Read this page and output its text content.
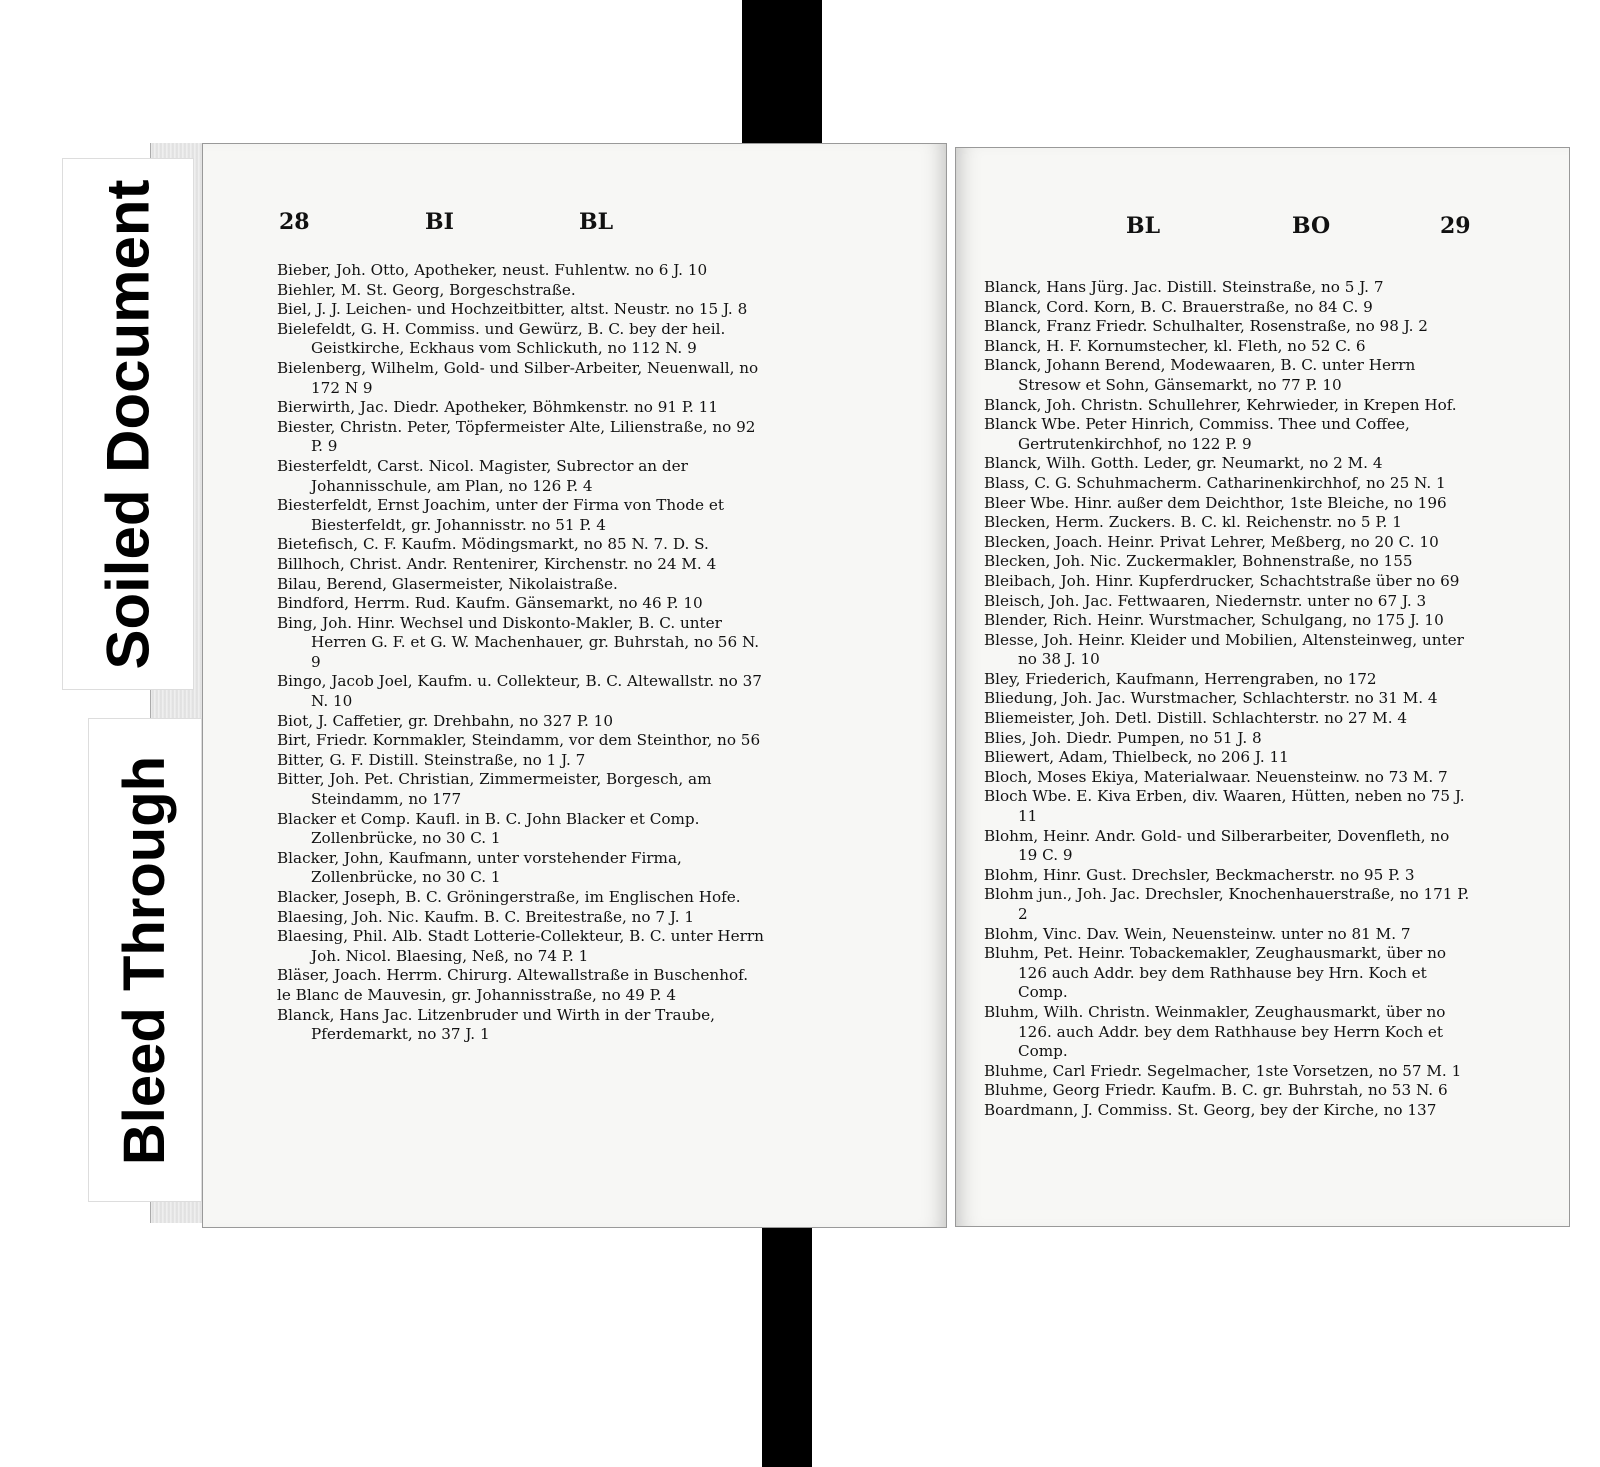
28	BI	BL

Bieber, Joh. Otto, Apotheker, neust. Fuhlentw. no 6 J. 10

Biehler, M. St. Georg, Borgeschstraße.

Biel, J. J. Leichen- und Hochzeitbitter, altst. Neustr. no 15 J. 8

Bielefeldt, G. H. Commiss. und Gewürz, B. C. bey der heil. Geistkirche, Eckhaus vom Schlickuth, no 112 N. 9

Bielenberg, Wilhelm, Gold- und Silber-Arbeiter, Neuenwall, no 172 N 9

Bierwirth, Jac. Diedr. Apotheker, Böhmkenstr. no 91 P. 11

Biester, Christn. Peter, Töpfermeister Alte, Lilienstraße, no 92 P. 9

Biesterfeldt, Carst. Nicol. Magister, Subrector an der Johannisschule, am Plan, no 126 P. 4

Biesterfeldt, Ernst Joachim, unter der Firma von Thode et Biesterfeldt, gr. Johannisstr. no 51 P. 4

Bietefisch, C. F. Kaufm. Mödingsmarkt, no 85 N. 7. D. S.

Billhoch, Christ. Andr. Rentenirer, Kirchenstr. no 24 M. 4

Bilau, Berend, Glasermeister, Nikolaistraße.

Bindford, Herrm. Rud. Kaufm. Gänsemarkt, no 46 P. 10

Bing, Joh. Hinr. Wechsel und Diskonto-Makler, B. C. unter Herren G. F. et G. W. Machenhauer, gr. Buhrstah, no 56 N. 9

Bingo, Jacob Joel, Kaufm. u. Collekteur, B. C. Altewallstr. no 37 N. 10

Biot, J. Caffetier, gr. Drehbahn, no 327 P. 10

Birt, Friedr. Kornmakler, Steindamm, vor dem Steinthor, no 56

Bitter, G. F. Distill. Steinstraße, no 1 J. 7

Bitter, Joh. Pet. Christian, Zimmermeister, Borgesch, am Steindamm, no 177

Blacker et Comp. Kaufl. in B. C. John Blacker et Comp. Zollenbrücke, no 30 C. 1

Blacker, John, Kaufmann, unter vorstehender Firma, Zollenbrücke, no 30 C. 1

Blacker, Joseph, B. C. Gröningerstraße, im Englischen Hofe.

Blaesing, Joh. Nic. Kaufm. B. C. Breitestraße, no 7 J. 1

Blaesing, Phil. Alb. Stadt Lotterie-Collekteur, B. C. unter Herrn Joh. Nicol. Blaesing, Neß, no 74 P. 1

Bläser, Joach. Herrm. Chirurg. Altewallstraße in Buschenhof.

le Blanc de Mauvesin, gr. Johannisstraße, no 49 P. 4

Blanck, Hans Jac. Litzenbruder und Wirth in der Traube, Pferdemarkt, no 37 J. 1

BL	BO	29

Blanck, Hans Jürg. Jac. Distill. Steinstraße, no 5 J. 7

Blanck, Cord. Korn, B. C. Brauerstraße, no 84 C. 9

Blanck, Franz Friedr. Schulhalter, Rosenstraße, no 98 J. 2

Blanck, H. F. Kornumstecher, kl. Fleth, no 52 C. 6

Blanck, Johann Berend, Modewaaren, B. C. unter Herrn Stresow et Sohn, Gänsemarkt, no 77 P. 10

Blanck, Joh. Christn. Schullehrer, Kehrwieder, in Krepen Hof.

Blanck Wbe. Peter Hinrich, Commiss. Thee und Coffee, Gertrutenkirchhof, no 122 P. 9

Blanck, Wilh. Gotth. Leder, gr. Neumarkt, no 2 M. 4

Blass, C. G. Schuhmacherm. Catharinenkirchhof, no 25 N. 1

Bleer Wbe. Hinr. außer dem Deichthor, 1ste Bleiche, no 196

Blecken, Herm. Zuckers. B. C. kl. Reichenstr. no 5 P. 1

Blecken, Joach. Heinr. Privat Lehrer, Meßberg, no 20 C. 10

Blecken, Joh. Nic. Zuckermakler, Bohnenstraße, no 155

Bleibach, Joh. Hinr. Kupferdrucker, Schachtstraße über no 69

Bleisch, Joh. Jac. Fettwaaren, Niedernstr. unter no 67 J. 3

Blender, Rich. Heinr. Wurstmacher, Schulgang, no 175 J. 10

Blesse, Joh. Heinr. Kleider und Mobilien, Altensteinweg, unter no 38 J. 10

Bley, Friederich, Kaufmann, Herrengraben, no 172

Bliedung, Joh. Jac. Wurstmacher, Schlachterstr. no 31 M. 4

Bliemeister, Joh. Detl. Distill. Schlachterstr. no 27 M. 4

Blies, Joh. Diedr. Pumpen, no 51 J. 8

Bliewert, Adam, Thielbeck, no 206 J. 11

Bloch, Moses Ekiya, Materialwaar. Neuensteinw. no 73 M. 7

Bloch Wbe. E. Kiva Erben, div. Waaren, Hütten, neben no 75 J. 11

Blohm, Heinr. Andr. Gold- und Silberarbeiter, Dovenfleth, no 19 C. 9

Blohm, Hinr. Gust. Drechsler, Beckmacherstr. no 95 P. 3

Blohm jun., Joh. Jac. Drechsler, Knochenhauerstraße, no 171 P. 2

Blohm, Vinc. Dav. Wein, Neuensteinw. unter no 81 M. 7

Bluhm, Pet. Heinr. Tobackemakler, Zeughausmarkt, über no 126 auch Addr. bey dem Rathhause bey Hrn. Koch et Comp.

Bluhm, Wilh. Christn. Weinmakler, Zeughausmarkt, über no 126. auch Addr. bey dem Rathhause bey Herrn Koch et Comp.

Bluhme, Carl Friedr. Segelmacher, 1ste Vorsetzen, no 57 M. 1

Bluhme, Georg Friedr. Kaufm. B. C. gr. Buhrstah, no 53 N. 6

Boardmann, J. Commiss. St. Georg, bey der Kirche, no 137

Soiled Document
Bleed Through
